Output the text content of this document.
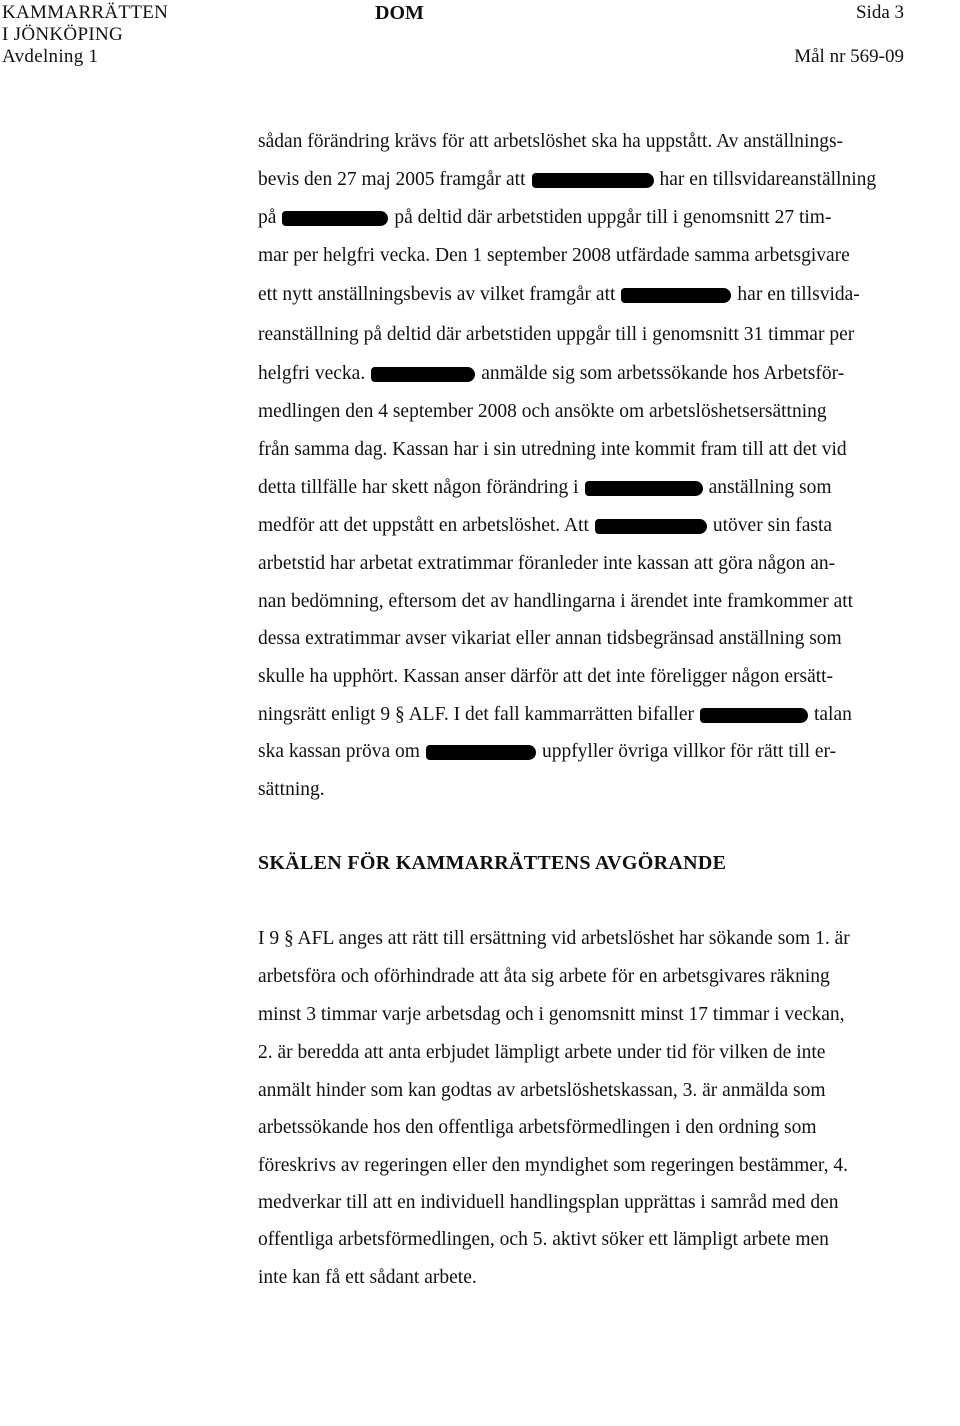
KAMMARRÄTTEN
I JÖNKÖPING
Avdelning 1
DOM	Sida 3
Mål nr 569-09
sådan förändring krävs för att arbetslöshet ska ha uppstått. Av anställnings-
bevis den 27 maj 2005 framgår att	har en tillsvidareanställning
på	på deltid där arbetstiden uppgår till i genomsnitt 27 tim-
mar per helgfri vecka. Den 1 september 2008 utfärdade samma arbetsgivare
ett nytt anställningsbevis av vilket framgår att	har en tillsvida-
reanställning på deltid där arbetstiden uppgår till i genomsnitt 31 timmar per
helgfri vecka.	anmälde sig som arbetssökande hos Arbetsför-
medlingen den 4 september 2008 och ansökte om arbetslöshetsersättning
från samma dag. Kassan har i sin utredning inte kommit fram till att det vid
detta tillfälle har skett någon förändring i	anställning som
medför att det uppstått en arbetslöshet. Att	utöver sin fasta
arbetstid har arbetat extratimmar föranleder inte kassan att göra någon an-
nan bedömning, eftersom det av handlingarna i ärendet inte framkommer att
dessa extratimmar avser vikariat eller annan tidsbegränsad anställning som
skulle ha upphört. Kassan anser därför att det inte föreligger någon ersätt-
ningsrätt enligt 9 § ALF. I det fall kammarrätten bifaller	talan
ska kassan pröva om	uppfyller övriga villkor för rätt till er-
sättning.
SKÄLEN FÖR KAMMARRÄTTENS AVGÖRANDE
I 9 § AFL anges att rätt till ersättning vid arbetslöshet har sökande som 1. är
arbetsföra och oförhindrade att åta sig arbete för en arbetsgivares räkning
minst 3 timmar varje arbetsdag och i genomsnitt minst 17 timmar i veckan,
2. är beredda att anta erbjudet lämpligt arbete under tid för vilken de inte
anmält hinder som kan godtas av arbetslöshetskassan, 3. är anmälda som
arbetssökande hos den offentliga arbetsförmedlingen i den ordning som
föreskrivs av regeringen eller den myndighet som regeringen bestämmer, 4.
medverkar till att en individuell handlingsplan upprättas i samråd med den
offentliga arbetsförmedlingen, och 5. aktivt söker ett lämpligt arbete men
inte kan få ett sådant arbete.
